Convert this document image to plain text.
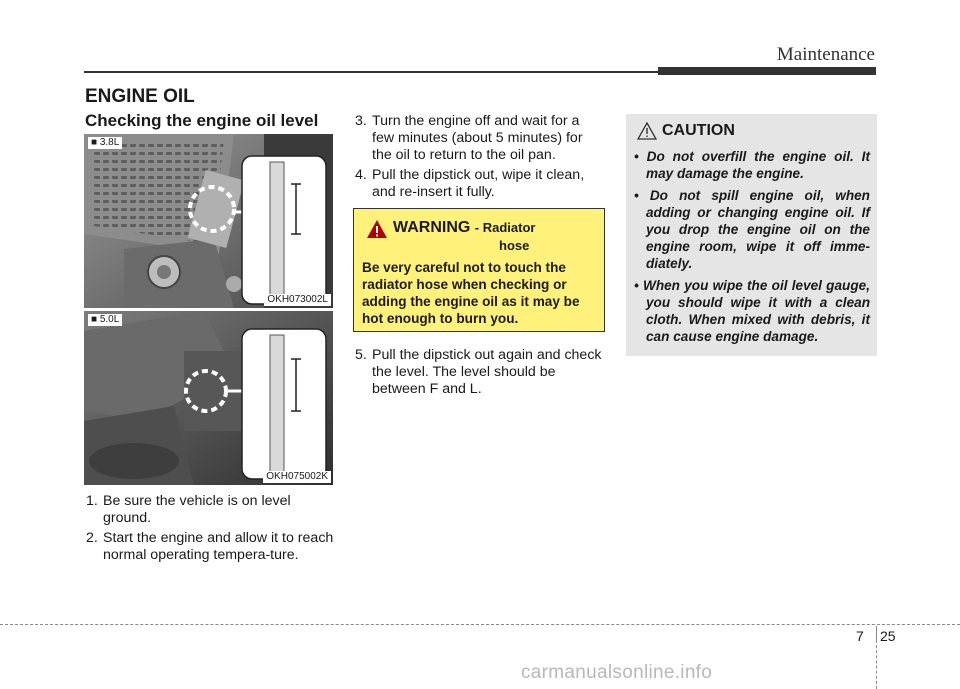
Maintenance
ENGINE OIL
Checking the engine oil level
■ 3.8L
OKH073002L
■ 5.0L
OKH075002K
1. Be sure the vehicle is on level ground.
2. Start the engine and allow it to reach normal operating tempera-ture.
3. Turn the engine off and wait for a few minutes (about 5 minutes) for the oil to return to the oil pan.
4. Pull the dipstick out, wipe it clean, and re-insert it fully.
WARNING - Radiator
hose
Be very careful not to touch the radiator hose when checking or adding the engine oil as it may be hot enough to burn you.
5. Pull the dipstick out again and check the level. The level should be between F and L.
CAUTION
• Do not overfill the engine oil. It may damage the engine.
• Do not spill engine oil, when adding or changing engine oil. If you drop the engine oil on the engine room, wipe it off imme-diately.
• When you wipe the oil level gauge, you should wipe it with a clean cloth. When mixed with debris, it can cause engine damage.
7 25
carmanualsonline.info
